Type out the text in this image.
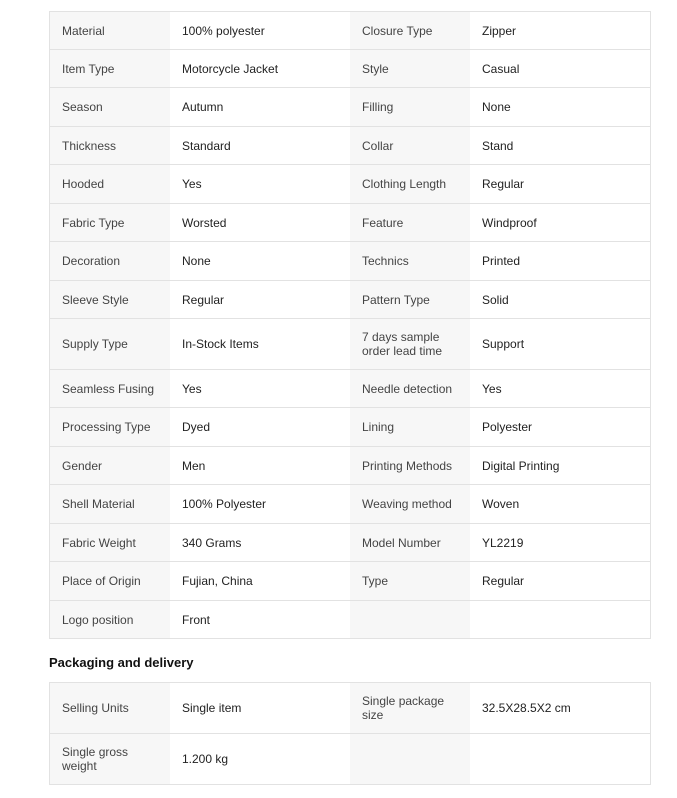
Material	100% polyester	Closure Type	Zipper
Item Type	Motorcycle Jacket	Style	Casual
Season	Autumn	Filling	None
Thickness	Standard	Collar	Stand
Hooded	Yes	Clothing Length	Regular
Fabric Type	Worsted	Feature	Windproof
Decoration	None	Technics	Printed
Sleeve Style	Regular	Pattern Type	Solid
Supply Type	In-Stock Items	7 days sample order lead time	Support
Seamless Fusing	Yes	Needle detection	Yes
Processing Type	Dyed	Lining	Polyester
Gender	Men	Printing Methods	Digital Printing
Shell Material	100% Polyester	Weaving method	Woven
Fabric Weight	340 Grams	Model Number	YL2219
Place of Origin	Fujian, China	Type	Regular
Logo position	Front		
Packaging and delivery
Selling Units	Single item	Single package size	32.5X28.5X2 cm
Single gross weight	1.200 kg		
